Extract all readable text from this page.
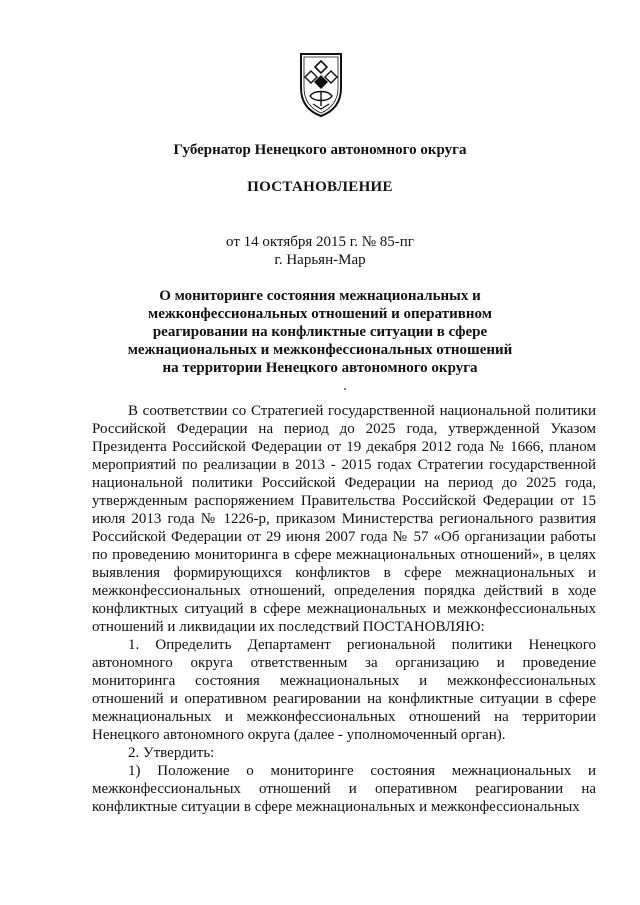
Губернатор Ненецкого автономного округа
ПОСТАНОВЛЕНИЕ
от 14 октября 2015 г. № 85-пг
г. Нарьян-Мар
О мониторинге состояния межнациональных и
межконфессиональных отношений и оперативном
реагировании на конфликтные ситуации в сфере
межнациональных и межконфессиональных отношений
на территории Ненецкого автономного округа

В соответствии со Стратегией государственной национальной политики Российской Федерации на период до 2025 года, утвержденной Указом Президента Российской Федерации от 19 декабря 2012 года № 1666, планом мероприятий по реализации в 2013 - 2015 годах Стратегии государственной национальной политики Российской Федерации на период до 2025 года, утвержденным распоряжением Правительства Российской Федерации от 15 июля 2013 года № 1226-р, приказом Министерства регионального развития Российской Федерации от 29 июня 2007 года № 57 «Об организации работы по проведению мониторинга в сфере межнациональных отношений», в целях выявления формирующихся конфликтов в сфере межнациональных и межконфессиональных отношений, определения порядка действий в ходе конфликтных ситуаций в сфере межнациональных и межконфессиональных отношений и ликвидации их последствий ПОСТАНОВЛЯЮ:

1. Определить Департамент региональной политики Ненецкого автономного округа ответственным за организацию и проведение мониторинга состояния межнациональных и межконфессиональных отношений и оперативном реагировании на конфликтные ситуации в сфере межнациональных и межконфессиональных отношений на территории Ненецкого автономного округа (далее - уполномоченный орган).

2. Утвердить:

1) Положение о мониторинге состояния межнациональных и межконфессиональных отношений и оперативном реагировании на конфликтные ситуации в сфере межнациональных и межконфессиональных
